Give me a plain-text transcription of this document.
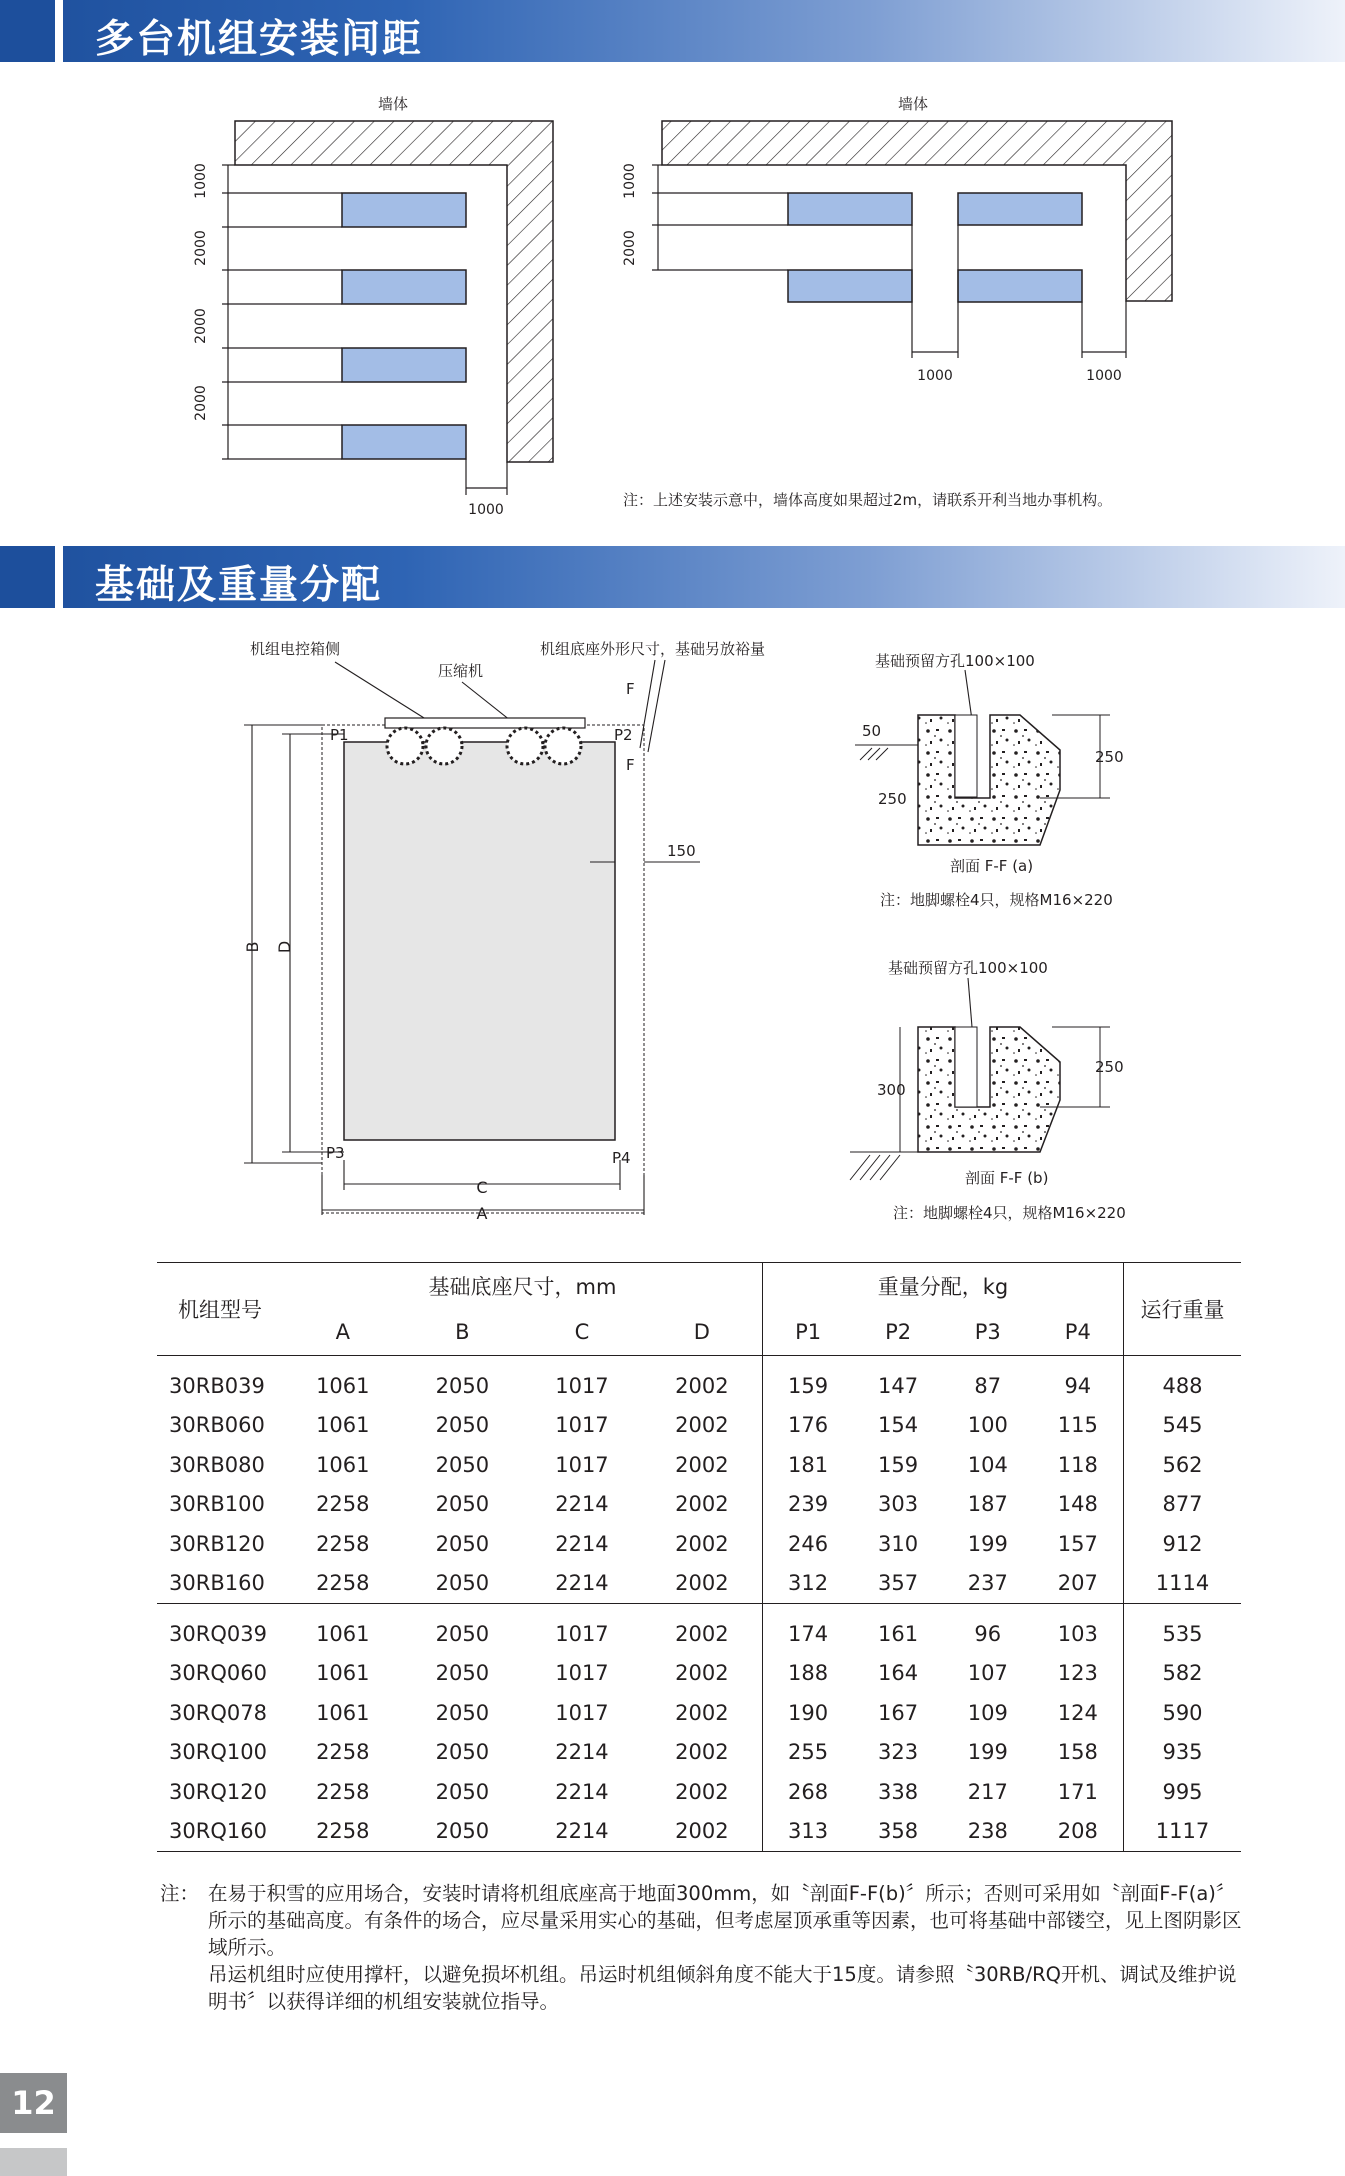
多台机组安装间距
墙体
1000
2000
2000
2000
1000
墙体
1000
2000
1000	1000
注：上述安装示意中，墙体高度如果超过2m，请联系开利当地办事机构。
基础及重量分配
机组电控箱侧
压缩机
机组底座外形尺寸，基础另放裕量
P1	P2
P3	P4
F
F
B D
C
A
150
基础预留方孔100×100
50
250
250
剖面 F-F (a)
注：地脚螺栓4只，规格M16×220
基础预留方孔100×100
300
250
剖面 F-F (b)
注：地脚螺栓4只，规格M16×220
机组型号	基础底座尺寸，mm				重量分配，kg				运行重量
	A	B	C	D	P1	P2	P3	P4	
30RB039	1061	2050	1017	2002	159	147	87	94	488
30RB060	1061	2050	1017	2002	176	154	100	115	545
30RB080	1061	2050	1017	2002	181	159	104	118	562
30RB100	2258	2050	2214	2002	239	303	187	148	877
30RB120	2258	2050	2214	2002	246	310	199	157	912
30RB160	2258	2050	2214	2002	312	357	237	207	1114
30RQ039	1061	2050	1017	2002	174	161	96	103	535
30RQ060	1061	2050	1017	2002	188	164	107	123	582
30RQ078	1061	2050	1017	2002	190	167	109	124	590
30RQ100	2258	2050	2214	2002	255	323	199	158	935
30RQ120	2258	2050	2214	2002	268	338	217	171	995
30RQ160	2258	2050	2214	2002	313	358	238	208	1117
注： 在易于积雪的应用场合，安装时请将机组底座高于地面300mm，如〝剖面F-F(b)〞所示；否则可采用如〝剖面F-F(a)〞所示的基础高度。有条件的场合，应尽量采用实心的基础，但考虑屋顶承重等因素，也可将基础中部镂空，见上图阴影区域所示。
吊运机组时应使用撑杆，以避免损坏机组。吊运时机组倾斜角度不能大于15度。请参照〝30RB/RQ开机、调试及维护说明书〞以获得详细的机组安装就位指导。
12
